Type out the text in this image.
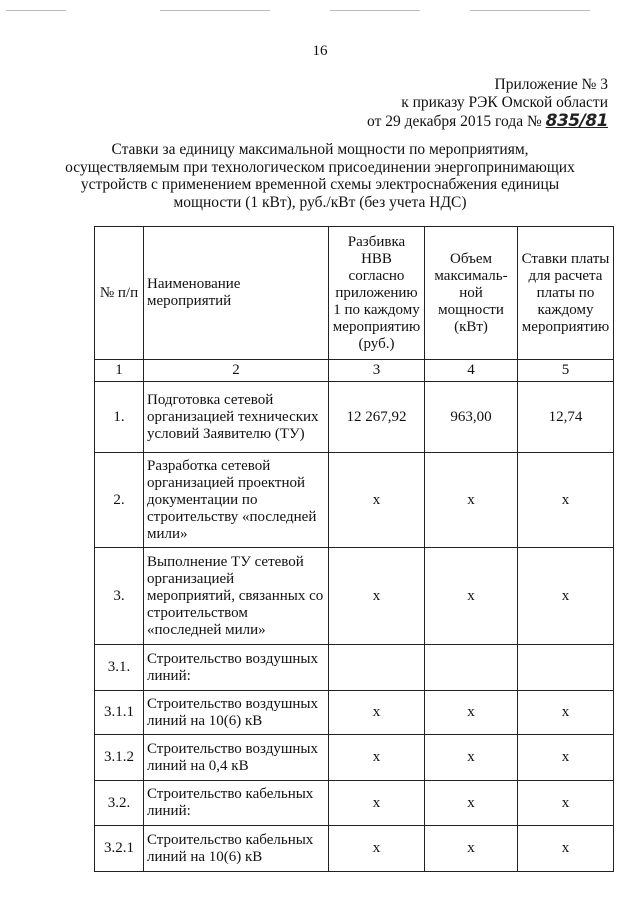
16
Приложение № 3
к приказу РЭК Омской области
от 29 декабря 2015 года № 835/81
Ставки за единицу максимальной мощности по мероприятиям,
осуществляемым при технологическом присоединении энергопринимающих
устройств с применением временной схемы электроснабжения единицы
мощности (1 кВт), руб./кВт (без учета НДС)
№ п/п	Наименование мероприятий	Разбивка НВВ согласно приложению 1 по каждому мероприятию (руб.)	Объем максималь-ной мощности (кВт)	Ставки платы для расчета платы по каждому мероприятию
1	2	3	4	5
1.	Подготовка сетевой организацией технических условий Заявителю (ТУ)	12 267,92	963,00	12,74
2.	Разработка сетевой организацией проектной документации по строительству «последней мили»	x	x	x
3.	Выполнение ТУ сетевой организацией мероприятий, связанных со строительством «последней мили»	x	x	x
3.1.	Строительство воздушных линий:			
3.1.1	Строительство воздушных линий на 10(6) кВ	x	x	x
3.1.2	Строительство воздушных линий на 0,4 кВ	x	x	x
3.2.	Строительство кабельных линий:	x	x	x
3.2.1	Строительство кабельных линий на 10(6) кВ	x	x	x
